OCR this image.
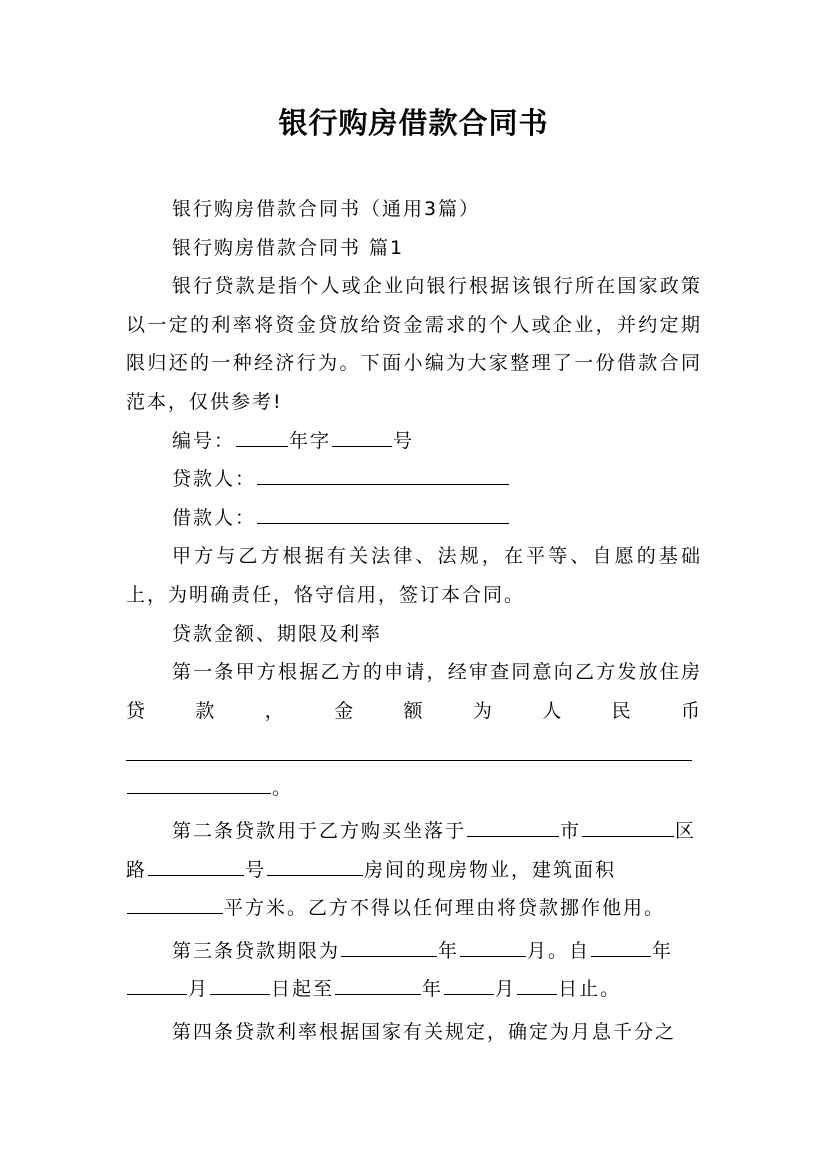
银行购房借款合同书

银行购房借款合同书（通用3篇）

银行购房借款合同书 篇1

银行贷款是指个人或企业向银行根据该银行所在国家政策以一定的利率将资金贷放给资金需求的个人或企业，并约定期限归还的一种经济行为。下面小编为大家整理了一份借款合同范本，仅供参考!

编号：	年字	号

贷款人：

借款人：

甲方与乙方根据有关法律、法规，在平等、自愿的基础上，为明确责任，恪守信用，签订本合同。

贷款金额、期限及利率

第一条甲方根据乙方的申请，经审查同意向乙方发放住房贷款，金额为人民币

。

第二条贷款用于乙方购买坐落于	市	区路	号	房间的现房物业，建筑面积平方米。乙方不得以任何理由将贷款挪作他用。

第三条贷款期限为	年	月。自	年月	日起至	年	月 日止。

第四条贷款利率根据国家有关规定，确定为月息千分之
